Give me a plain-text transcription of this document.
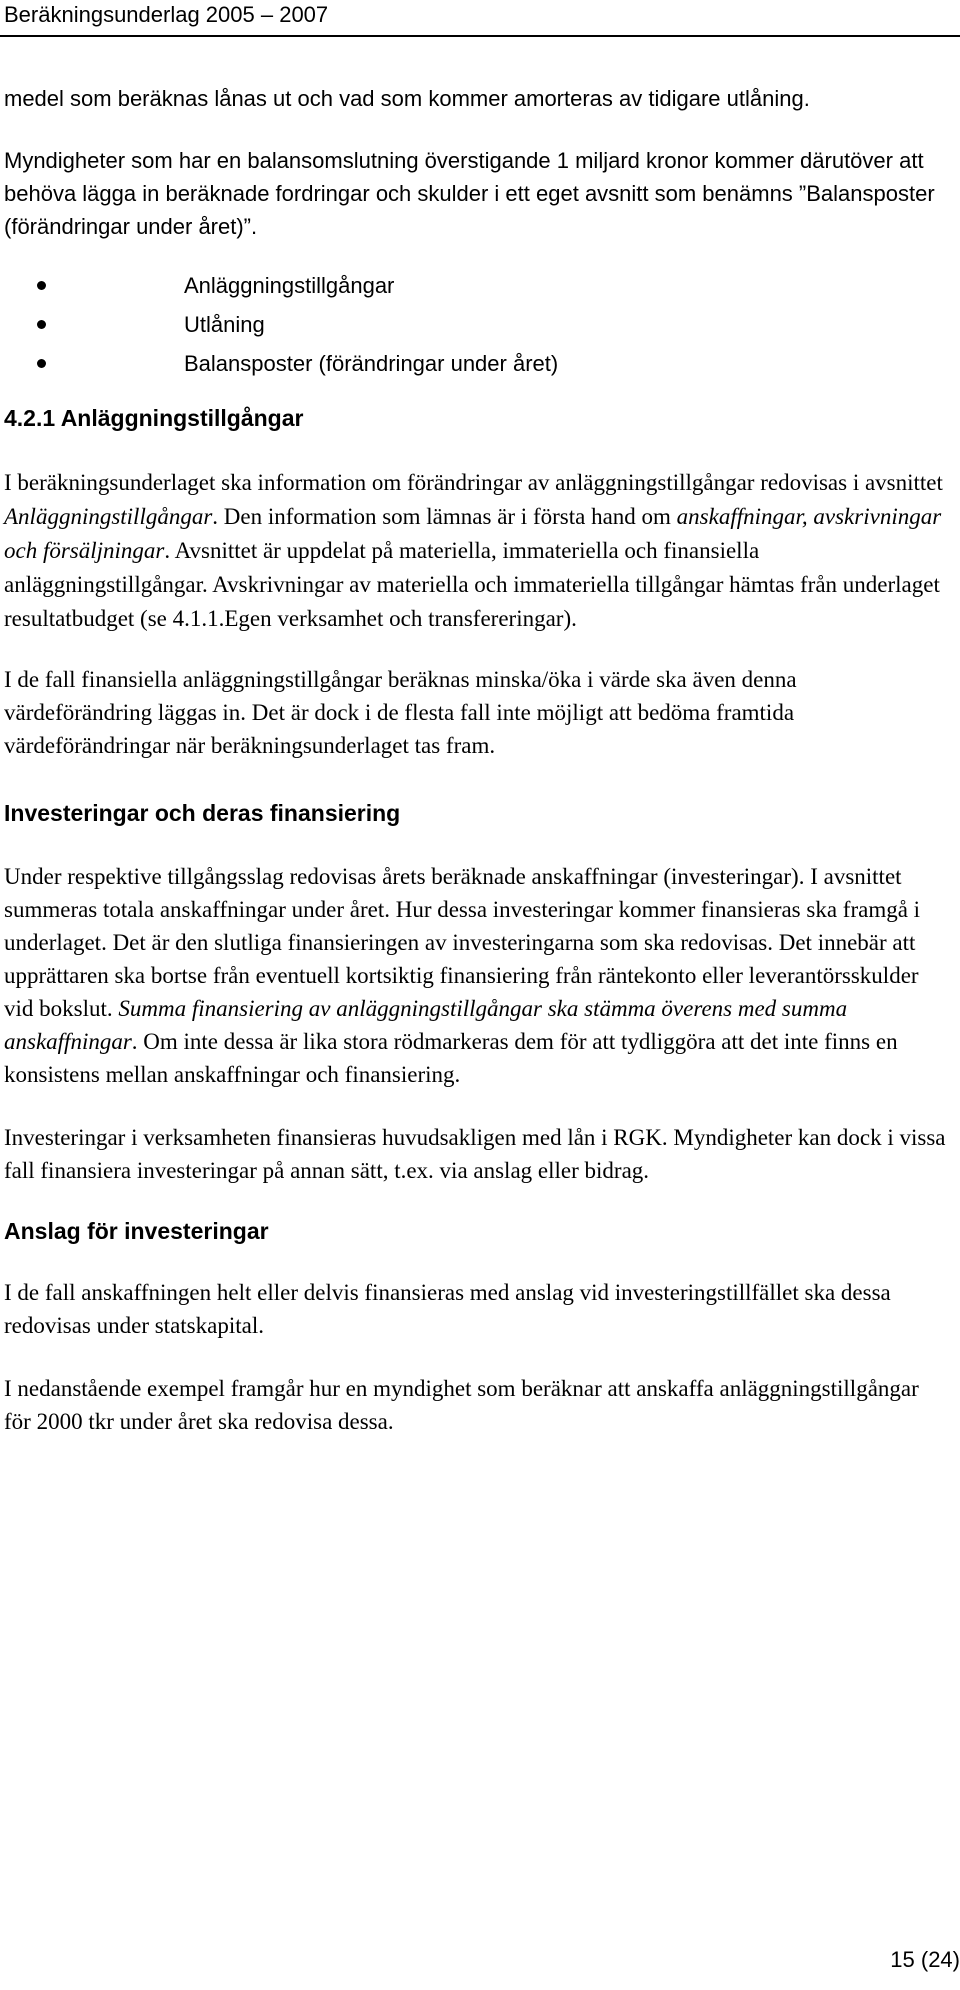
Beräkningsunderlag 2005 – 2007

medel som beräknas lånas ut och vad som kommer amorteras av tidigare utlåning.

Myndigheter som har en balansomslutning överstigande 1 miljard kronor kommer därutöver att behöva lägga in beräknade fordringar och skulder i ett eget avsnitt som benämns ”Balansposter (förändringar under året)”.

Anläggningstillgångar
Utlåning
Balansposter (förändringar under året)
4.2.1 Anläggningstillgångar

I beräkningsunderlaget ska information om förändringar av anläggningstillgångar redovisas i avsnittet Anläggningstillgångar. Den information som lämnas är i första hand om anskaffningar, avskrivningar och försäljningar. Avsnittet är uppdelat på materiella, immateriella och finansiella anläggningstillgångar. Avskrivningar av materiella och immateriella tillgångar hämtas från underlaget resultatbudget (se 4.1.1.Egen verksamhet och transfereringar).

I de fall finansiella anläggningstillgångar beräknas minska/öka i värde ska även denna värdeförändring läggas in. Det är dock i de flesta fall inte möjligt att bedöma framtida värdeförändringar när beräkningsunderlaget tas fram.

Investeringar och deras finansiering

Under respektive tillgångsslag redovisas årets beräknade anskaffningar (investeringar). I avsnittet summeras totala anskaffningar under året. Hur dessa investeringar kommer finansieras ska framgå i underlaget. Det är den slutliga finansieringen av investeringarna som ska redovisas. Det innebär att upprättaren ska bortse från eventuell kortsiktig finansiering från räntekonto eller leverantörsskulder vid bokslut. Summa finansiering av anläggningstillgångar ska stämma överens med summa anskaffningar. Om inte dessa är lika stora rödmarkeras dem för att tydliggöra att det inte finns en konsistens mellan anskaffningar och finansiering.

Investeringar i verksamheten finansieras huvudsakligen med lån i RGK. Myndigheter kan dock i vissa fall finansiera investeringar på annan sätt, t.ex. via anslag eller bidrag.

Anslag för investeringar

I de fall anskaffningen helt eller delvis finansieras med anslag vid investeringstillfället ska dessa redovisas under statskapital.

I nedanstående exempel framgår hur en myndighet som beräknar att anskaffa anläggningstillgångar för 2000 tkr under året ska redovisa dessa.

15 (24)
